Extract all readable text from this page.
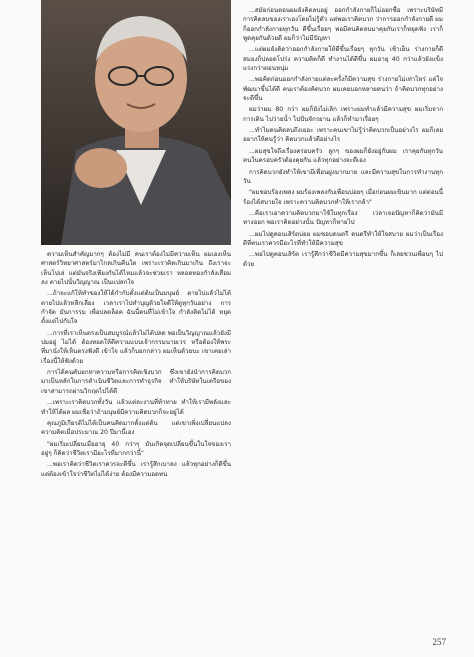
ความเห็นสำคัญมากๆ ต้องไม่มี คนเราต้องไม่มีความเห็น ผมเองเห็นศาสตร์วิทยาศาสตร์มาไกลเกินคืนใด เพราะเราคิดเกินมาเกิน ถึงเราจะเห็นโปเล่ แต่มันจริงเพียงกันได้ไหมแล้วจะช่วยเรา หลอดทองกำลังเสื่อมลง ตายไปนั้นวิญญาณ เป็นแปลกใจ

...ถ้าจะแก้ให้ทำของให้ได้กำกับตั้งแต่ต้นเป็นมนุษย์ ตายไปแล้วไม่ได้ ตายไปแล้วหลีกเลี่ยง เวลาเราไปทำบุญด้วยใจดีให้ดูทุกวันอย่าง การกำจัด มันการรม เพื่อปลดล็อค ฉันนี้คนที่ไม่เข้าใจ กำลังคิดไม่ได้ หยุดตั้งแต่ไปกับใจ

...การที่เราเห็นตรงเป็นสมบูรณ์แล้วไม่ได้ปลด พอเป็นวิญญาณแล้วยังมีปมอยู่ ไม่ได้ ต้องทอดให้ดีความแบบเจ้ากรรมนายเวร หรือต้องให้พระที่มานั่งให้เห็นตรงฟังดี เข้าใจ แล้วก็บอกกล่าว ผมเห็นด้วยนะ เขาเคยเล่าเรื่องนี้ให้ฟังด้วย

การได้คนคับอกหาความหรือการคิดเชิงบวก ซึ่งเขายังนำการคิดบวกมาเป็นหลักในการดำเนินชีวิตและการทำธุรกิจ ทำให้บริษัทในเครือของเขาสามารถผ่านวิกฤตไปได้ดี

...เพราะเราคิดบวกทั้งวัน แล้วแต่ละงานที่ท้าทาย ทำให้เรามีพลังและทำให้ได้ผล ผมเชื่อว่าถ้ามนุษย์มีความคิดบวกก็จะอยู่ได้

คุณภูมิเกียรติไม่ได้เป็นคนคิดมากตั้งแต่ต้น แต่เขาเพิ่งเปลี่ยนแปลงความคิดเมื่อประมาณ 20 ปีมานี้เอง

"ผมเริ่มเปลี่ยนเมื่ออายุ 40 กว่าๆ มันเกิดจุดเปลี่ยนขึ้นในใจของเรา อยู่ๆ ก็คิดว่าชีวิตเรามีอะไรที่มากกว่านี้"

...พอเราคิดว่าชีวิตเราควรจะดีขึ้น เรารู้สึกเบาลง แล้วทุกอย่างก็ดีขึ้น แต่ต้องเข้าใจว่าชีวิตไม่ได้ง่าย ต้องมีความอดทน

...สมัยก่อนตอนผมยังคิดลบอยู่ ออกกำลังกายก็ไม่ออกซื้อ เพราะบริษัทมีการคิดลบของเราเองโดยไม่รู้ตัว แต่พอเราคิดบวก ว่าการออกกำลังกายดี ผมก็ออกกำลังกายทุกวัน ดีขึ้นเรื่อยๆ พอมีคนคิดลบมาคุยกับเราก็หยุดฟัง เราก็พูดคุยกันด้วยดี ผมก็ว่าไม่มีปัญหา

...แต่ผมยังคิดว่าออกกำลังกายให้ดีขึ้นเรื่อยๆ ทุกวัน เช้าเย็น ร่างกายก็ดี สมองก็ปลอดโปร่ง ความคิดก็ดี ทำงานได้ดีขึ้น ผมอายุ 40 กว่าแล้วยังแข็งแรงกว่าตอนหนุ่ม

...พอคิดก่อนออกกำลังกายแต่ละครั้งก็มีความสุข ร่างกายไม่เท่าไหร่ แต่ใจพัฒนาขึ้นได้ดี คนเราต้องคิดบวก ผมเคยบอกหลายคนว่า ถ้าคิดบวกทุกอย่างจะดีขึ้น

ผมว่าผม 80 กว่า ผมก็ยังไม่เลิก เพราะผมทำแล้วมีความสุข ผมเริ่มจากการเดิน ไปว่ายน้ำ ไปปั่นจักรยาน แล้วก็ทำมาเรื่อยๆ

...ทำไมคนคิดลบถึงเยอะ เพราะคนเขาไม่รู้ว่าคิดบวกเป็นอย่างไร ผมก็เลยอยากให้คนรู้ว่า คิดบวกแล้วดีอย่างไร

...ผมสุขใจถึงเรื่องครอบครัว ลูกๆ ของผมก็ยังอยู่กับผม เราคุยกันทุกวัน คนในครอบครัวต้องคุยกัน แล้วทุกอย่างจะดีเอง

การคิดบวกยังทำให้เขามีเพื่อนฝูงมากมาย และมีความสุขในการทำงานทุกวัน

"ผมชอบร้องเพลง ผมร้องเพลงกับเพื่อนบ่อยๆ เมื่อก่อนผมเขินมาก แต่ตอนนี้ร้องได้สบายใจ เพราะความคิดบวกทำให้เรากล้า"

...คือเราเอาความคิดบวกมาใช้ในทุกเรื่อง เวลาเจอปัญหาก็คิดว่ามันมีทางออก พอเราคิดอย่างนั้น ปัญหาก็หายไป

...ผมไปดูคอนเสิร์ตบ่อย ผมชอบดนตรี ดนตรีทำให้ใจสบาย ผมว่าเป็นเรื่องดีที่คนเราควรมีอะไรที่ทำให้มีความสุข

...พอไปดูคอนเสิร์ต เรารู้สึกว่าชีวิตมีความสุขมากขึ้น ก็เลยชวนเพื่อนๆ ไปด้วย

257
